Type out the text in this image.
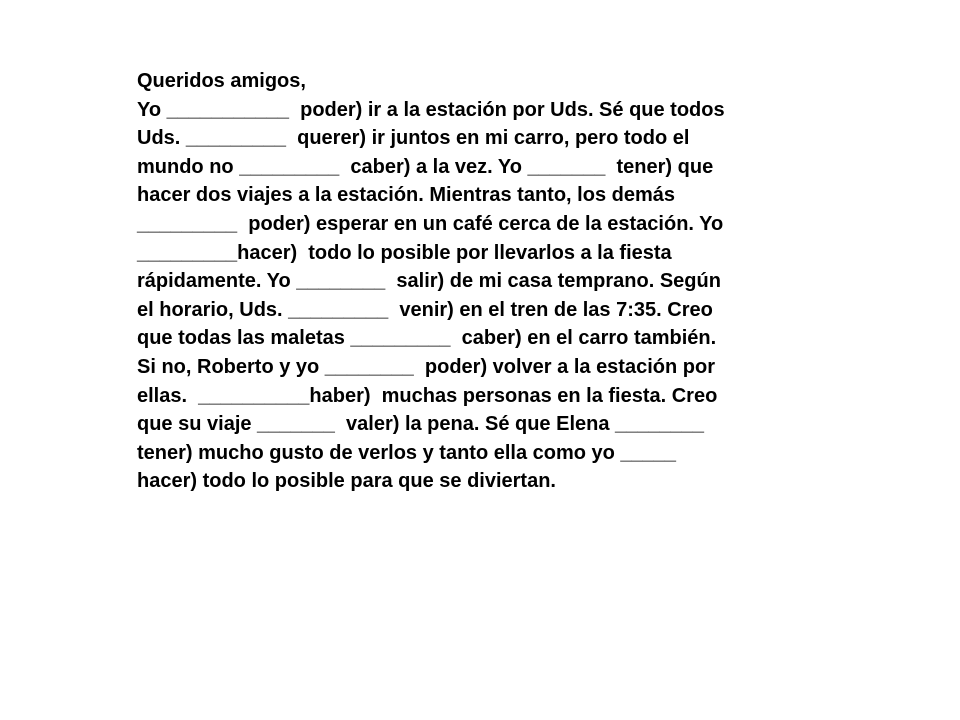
Queridos amigos,
Yo ___________  poder) ir a la estación por Uds. Sé que todos
Uds. _________  querer) ir juntos en mi carro, pero todo el
mundo no _________  caber) a la vez. Yo _______  tener) que
hacer dos viajes a la estación. Mientras tanto, los demás
_________  poder) esperar en un café cerca de la estación. Yo
_________hacer)  todo lo posible por llevarlos a la fiesta
rápidamente. Yo ________  salir) de mi casa temprano. Según
el horario, Uds. _________  venir) en el tren de las 7:35. Creo
que todas las maletas _________  caber) en el carro también.
Si no, Roberto y yo ________  poder) volver a la estación por
ellas.  __________haber)  muchas personas en la fiesta. Creo
que su viaje _______  valer) la pena. Sé que Elena ________
tener) mucho gusto de verlos y tanto ella como yo _____
hacer) todo lo posible para que se diviertan.
